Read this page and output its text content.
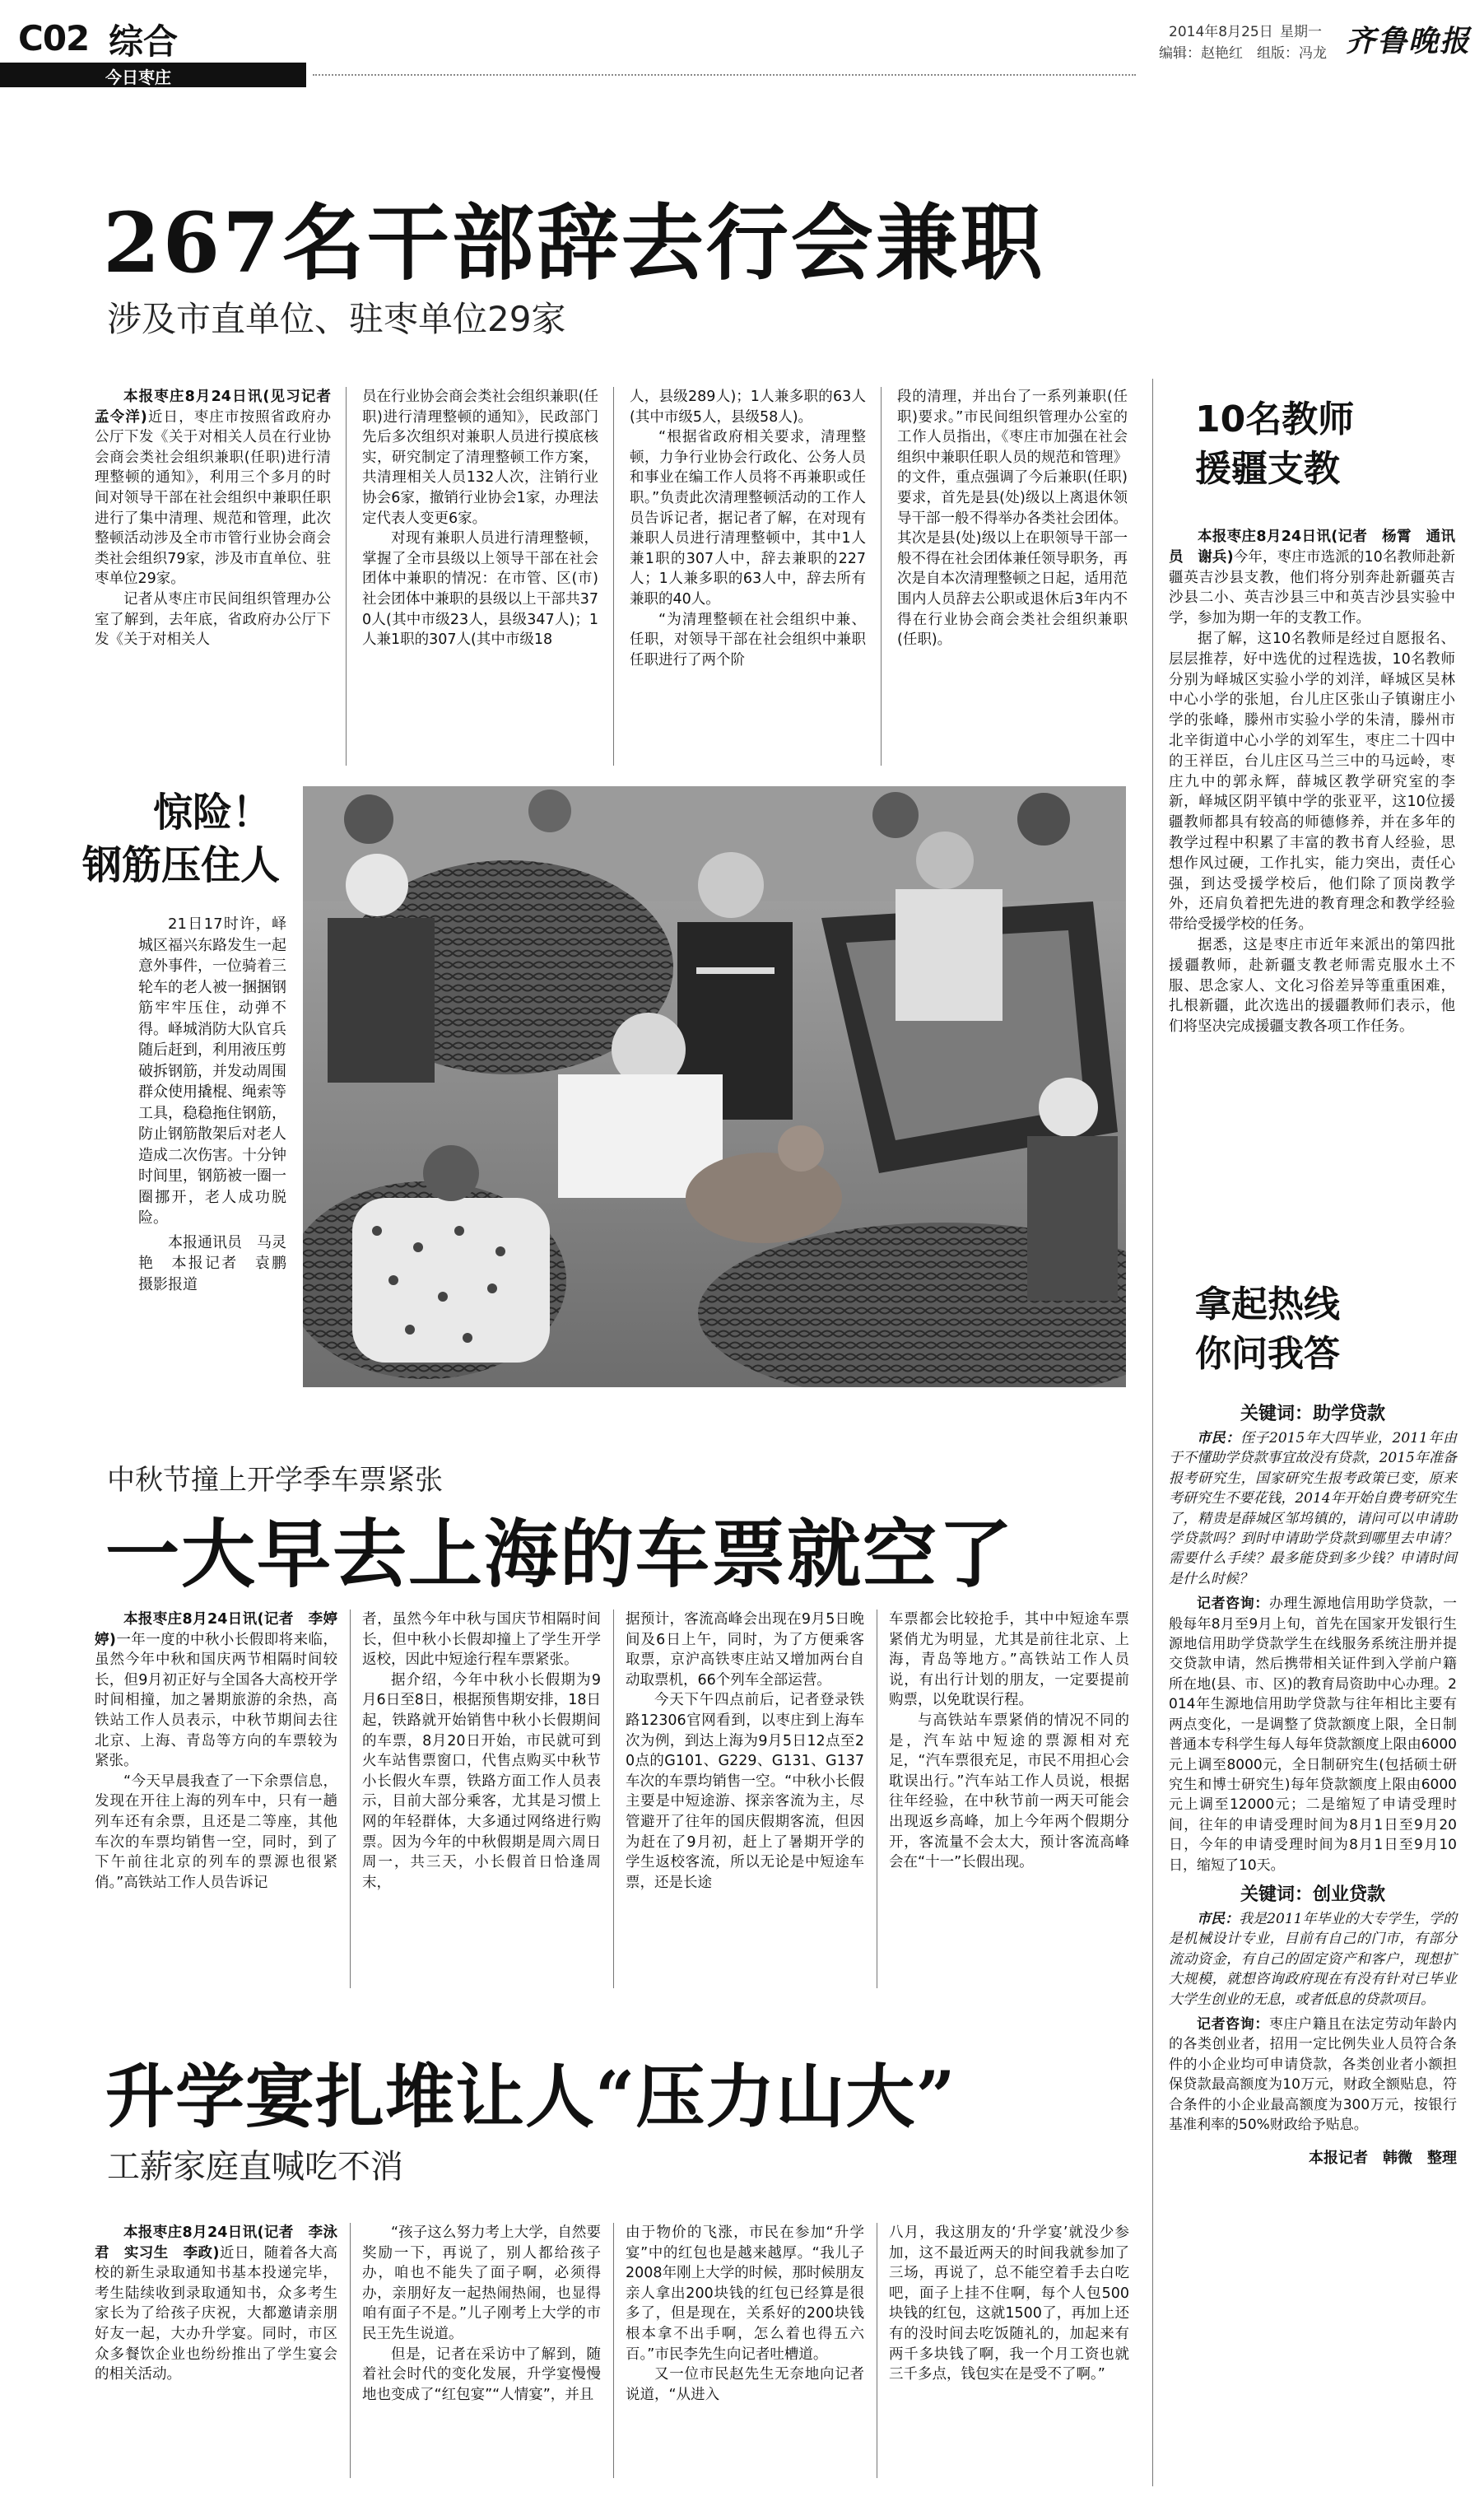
C02 综合
今日枣庄
2014年8月25日 星期一
编辑：赵艳红　组版：冯龙 齐鲁晚报
267名干部辞去行会兼职
涉及市直单位、驻枣单位29家

本报枣庄8月24日讯(见习记者　孟令洋)近日，枣庄市按照省政府办公厅下发《关于对相关人员在行业协会商会类社会组织兼职(任职)进行清理整顿的通知》，利用三个多月的时间对领导干部在社会组织中兼职任职进行了集中清理、规范和管理，此次整顿活动涉及全市市管行业协会商会类社会组织79家，涉及市直单位、驻枣单位29家。

记者从枣庄市民间组织管理办公室了解到，去年底，省政府办公厅下发《关于对相关人

员在行业协会商会类社会组织兼职(任职)进行清理整顿的通知》，民政部门先后多次组织对兼职人员进行摸底核实，研究制定了清理整顿工作方案，共清理相关人员132人次，注销行业协会6家，撤销行业协会1家，办理法定代表人变更6家。

对现有兼职人员进行清理整顿，掌握了全市县级以上领导干部在社会团体中兼职的情况：在市管、区(市)社会团体中兼职的县级以上干部共370人(其中市级23人，县级347人)；1人兼1职的307人(其中市级18

人，县级289人)；1人兼多职的63人(其中市级5人，县级58人)。

“根据省政府相关要求，清理整顿，力争行业协会行政化、公务人员和事业在编工作人员将不再兼职或任职。”负责此次清理整顿活动的工作人员告诉记者，据记者了解，在对现有兼职人员进行清理整顿中，其中1人兼1职的307人中，辞去兼职的227人；1人兼多职的63人中，辞去所有兼职的40人。

“为清理整顿在社会组织中兼、任职，对领导干部在社会组织中兼职任职进行了两个阶

段的清理，并出台了一系列兼职(任职)要求。”市民间组织管理办公室的工作人员指出，《枣庄市加强在社会组织中兼职任职人员的规范和管理》的文件，重点强调了今后兼职(任职)要求，首先是县(处)级以上离退休领导干部一般不得举办各类社会团体。其次是县(处)级以上在职领导干部一般不得在社会团体兼任领导职务，再次是自本次清理整顿之日起，适用范围内人员辞去公职或退休后3年内不得在行业协会商会类社会组织兼职(任职)。

惊险！
钢筋压住人

21日17时许，峄城区福兴东路发生一起意外事件，一位骑着三轮车的老人被一捆捆钢筋牢牢压住，动弹不得。峄城消防大队官兵随后赶到，利用液压剪破拆钢筋，并发动周围群众使用撬棍、绳索等工具，稳稳拖住钢筋，防止钢筋散架后对老人造成二次伤害。十分钟时间里，钢筋被一圈一圈挪开，老人成功脱险。

本报通讯员　马灵艳　本报记者　袁鹏　摄影报道

10名教师
援疆支教

本报枣庄8月24日讯(记者　杨霄　通讯员　谢兵)今年，枣庄市选派的10名教师赴新疆英吉沙县支教，他们将分别奔赴新疆英吉沙县二小、英吉沙县三中和英吉沙县实验中学，参加为期一年的支教工作。

据了解，这10名教师是经过自愿报名、层层推荐，好中选优的过程选拔，10名教师分别为峄城区实验小学的刘洋，峄城区吴林中心小学的张旭，台儿庄区张山子镇谢庄小学的张峰，滕州市实验小学的朱清，滕州市北辛街道中心小学的刘军生，枣庄二十四中的王祥臣，台儿庄区马兰三中的马远岭，枣庄九中的郭永辉，薛城区教学研究室的李新，峄城区阴平镇中学的张亚平，这10位援疆教师都具有较高的师德修养，并在多年的教学过程中积累了丰富的教书育人经验，思想作风过硬，工作扎实，能力突出，责任心强，到达受援学校后，他们除了顶岗教学外，还肩负着把先进的教育理念和教学经验带给受援学校的任务。

据悉，这是枣庄市近年来派出的第四批援疆教师，赴新疆支教老师需克服水土不服、思念家人、文化习俗差异等重重困难，扎根新疆，此次选出的援疆教师们表示，他们将坚决完成援疆支教各项工作任务。

拿起热线
你问我答
关键词：助学贷款

市民：侄子2015年大四毕业，2011年由于不懂助学贷款事宜故没有贷款，2015年准备报考研究生，国家研究生报考政策已变，原来考研究生不要花钱，2014年开始自费考研究生了，精贵是薛城区邹坞镇的，请问可以申请助学贷款吗？到时申请助学贷款到哪里去申请？需要什么手续？最多能贷到多少钱？申请时间是什么时候？

记者咨询：办理生源地信用助学贷款，一般每年8月至9月上旬，首先在国家开发银行生源地信用助学贷款学生在线服务系统注册并提交贷款申请，然后携带相关证件到入学前户籍所在地(县、市、区)的教育局资助中心办理。2014年生源地信用助学贷款与往年相比主要有两点变化，一是调整了贷款额度上限，全日制普通本专科学生每人每年贷款额度上限由6000元上调至8000元，全日制研究生(包括硕士研究生和博士研究生)每年贷款额度上限由6000元上调至12000元；二是缩短了申请受理时间，往年的申请受理时间为8月1日至9月20日，今年的申请受理时间为8月1日至9月10日，缩短了10天。

关键词：创业贷款

市民：我是2011年毕业的大专学生，学的是机械设计专业，目前有自己的门市，有部分流动资金，有自己的固定资产和客户，现想扩大规模，就想咨询政府现在有没有针对已毕业大学生创业的无息，或者低息的贷款项目。

记者咨询：枣庄户籍且在法定劳动年龄内的各类创业者，招用一定比例失业人员符合条件的小企业均可申请贷款，各类创业者小额担保贷款最高额度为10万元，财政全额贴息，符合条件的小企业最高额度为300万元，按银行基准利率的50%财政给予贴息。

本报记者　韩微　整理
中秋节撞上开学季车票紧张
一大早去上海的车票就空了

本报枣庄8月24日讯(记者　李婷婷)一年一度的中秋小长假即将来临，虽然今年中秋和国庆两节相隔时间较长，但9月初正好与全国各大高校开学时间相撞，加之暑期旅游的余热，高铁站工作人员表示，中秋节期间去往北京、上海、青岛等方向的车票较为紧张。

“今天早晨我查了一下余票信息，发现在开往上海的列车中，只有一趟列车还有余票，且还是二等座，其他车次的车票均销售一空，同时，到了下午前往北京的列车的票源也很紧俏。”高铁站工作人员告诉记

者，虽然今年中秋与国庆节相隔时间长，但中秋小长假却撞上了学生开学返校，因此中短途行程车票紧张。

据介绍，今年中秋小长假期为9月6日至8日，根据预售期安排，18日起，铁路就开始销售中秋小长假期间的车票，8月20日开始，市民就可到火车站售票窗口，代售点购买中秋节小长假火车票，铁路方面工作人员表示，目前大部分乘客，尤其是习惯上网的年轻群体，大多通过网络进行购票。因为今年的中秋假期是周六周日周一，共三天，小长假首日恰逢周末，

据预计，客流高峰会出现在9月5日晚间及6日上午，同时，为了方便乘客取票，京沪高铁枣庄站又增加两台自动取票机，66个列车全部运营。

今天下午四点前后，记者登录铁路12306官网看到，以枣庄到上海车次为例，到达上海为9月5日12点至20点的G101、G229、G131、G137车次的车票均销售一空。“中秋小长假主要是中短途游、探亲客流为主，尽管避开了往年的国庆假期客流，但因为赶在了9月初，赶上了暑期开学的学生返校客流，所以无论是中短途车票，还是长途

车票都会比较抢手，其中中短途车票紧俏尤为明显，尤其是前往北京、上海，青岛等地方。”高铁站工作人员说，有出行计划的朋友，一定要提前购票，以免耽误行程。

与高铁站车票紧俏的情况不同的是，汽车站中短途的票源相对充足，“汽车票很充足，市民不用担心会耽误出行。”汽车站工作人员说，根据往年经验，在中秋节前一两天可能会出现返乡高峰，加上今年两个假期分开，客流量不会太大，预计客流高峰会在“十一”长假出现。

升学宴扎堆让人“压力山大”
工薪家庭直喊吃不消

本报枣庄8月24日讯(记者　李泳君　实习生　李政)近日，随着各大高校的新生录取通知书基本投递完毕，考生陆续收到录取通知书，众多考生家长为了给孩子庆祝，大都邀请亲朋好友一起，大办升学宴。同时，市区众多餐饮企业也纷纷推出了学生宴会的相关活动。

“孩子这么努力考上大学，自然要奖励一下，再说了，别人都给孩子办，咱也不能失了面子啊，必须得办，亲朋好友一起热闹热闹，也显得咱有面子不是。”儿子刚考上大学的市民王先生说道。

但是，记者在采访中了解到，随着社会时代的变化发展，升学宴慢慢地也变成了“红包宴”“人情宴”，并且

由于物价的飞涨，市民在参加“升学宴”中的红包也是越来越厚。“我儿子2008年刚上大学的时候，那时候朋友亲人拿出200块钱的红包已经算是很多了，但是现在，关系好的200块钱根本拿不出手啊，怎么着也得五六百。”市民李先生向记者吐槽道。

又一位市民赵先生无奈地向记者说道，“从进入

八月，我这朋友的‘升学宴’就没少参加，这不最近两天的时间我就参加了三场，再说了，总不能空着手去白吃吧，面子上挂不住啊，每个人包500块钱的红包，这就1500了，再加上还有的没时间去吃饭随礼的，加起来有两千多块钱了啊，我一个月工资也就三千多点，钱包实在是受不了啊。”
